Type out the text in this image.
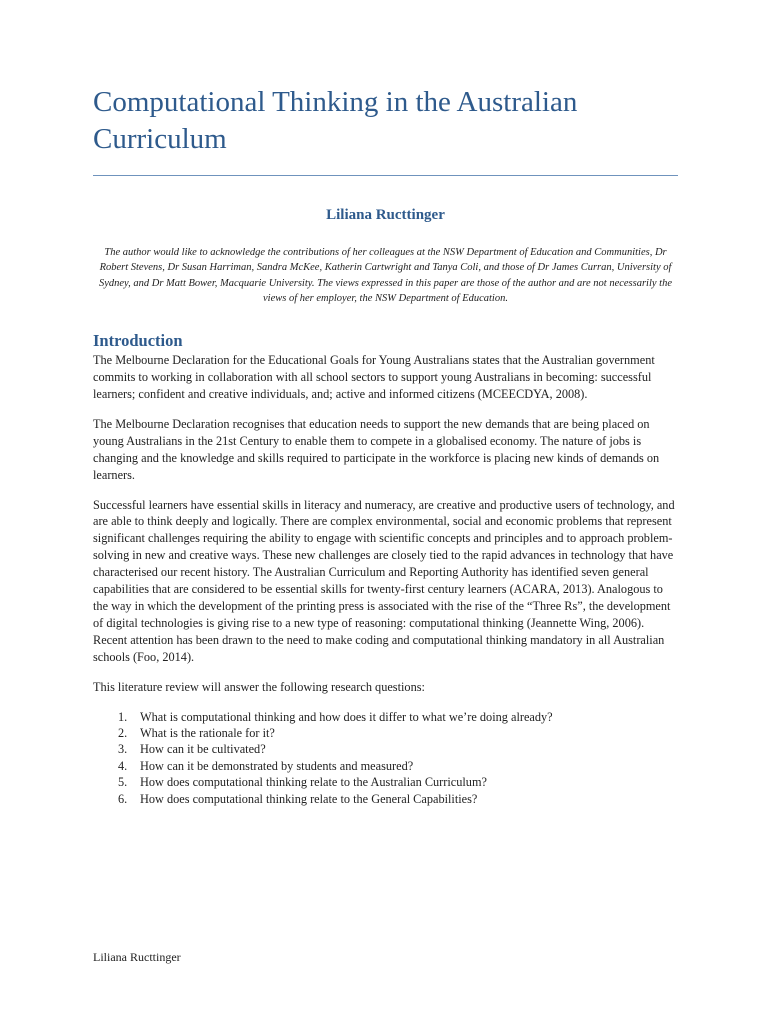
Computational Thinking in the Australian Curriculum
Liliana Ructtinger
The author would like to acknowledge the contributions of her colleagues at the NSW Department of Education and Communities, Dr Robert Stevens, Dr Susan Harriman, Sandra McKee, Katherin Cartwright and Tanya Coli, and those of Dr James Curran, University of Sydney, and Dr Matt Bower, Macquarie University. The views expressed in this paper are those of the author and are not necessarily the views of her employer, the NSW Department of Education.
Introduction

The Melbourne Declaration for the Educational Goals for Young Australians states that the Australian government commits to working in collaboration with all school sectors to support young Australians in becoming: successful learners; confident and creative individuals, and; active and informed citizens (MCEECDYA, 2008).

The Melbourne Declaration recognises that education needs to support the new demands that are being placed on young Australians in the 21st Century to enable them to compete in a globalised economy. The nature of jobs is changing and the knowledge and skills required to participate in the workforce is placing new kinds of demands on learners.

Successful learners have essential skills in literacy and numeracy, are creative and productive users of technology, and are able to think deeply and logically. There are complex environmental, social and economic problems that represent significant challenges requiring the ability to engage with scientific concepts and principles and to approach problem-solving in new and creative ways. These new challenges are closely tied to the rapid advances in technology that have characterised our recent history. The Australian Curriculum and Reporting Authority has identified seven general capabilities that are considered to be essential skills for twenty-first century learners (ACARA, 2013). Analogous to the way in which the development of the printing press is associated with the rise of the “Three Rs”, the development of digital technologies is giving rise to a new type of reasoning: computational thinking (Jeannette Wing, 2006). Recent attention has been drawn to the need to make coding and computational thinking mandatory in all Australian schools (Foo, 2014).

This literature review will answer the following research questions:

1.	What is computational thinking and how does it differ to what we’re doing already?
2.	What is the rationale for it?
3.	How can it be cultivated?
4.	How can it be demonstrated by students and measured?
5.	How does computational thinking relate to the Australian Curriculum?
6.	How does computational thinking relate to the General Capabilities?
Liliana Ructtinger
